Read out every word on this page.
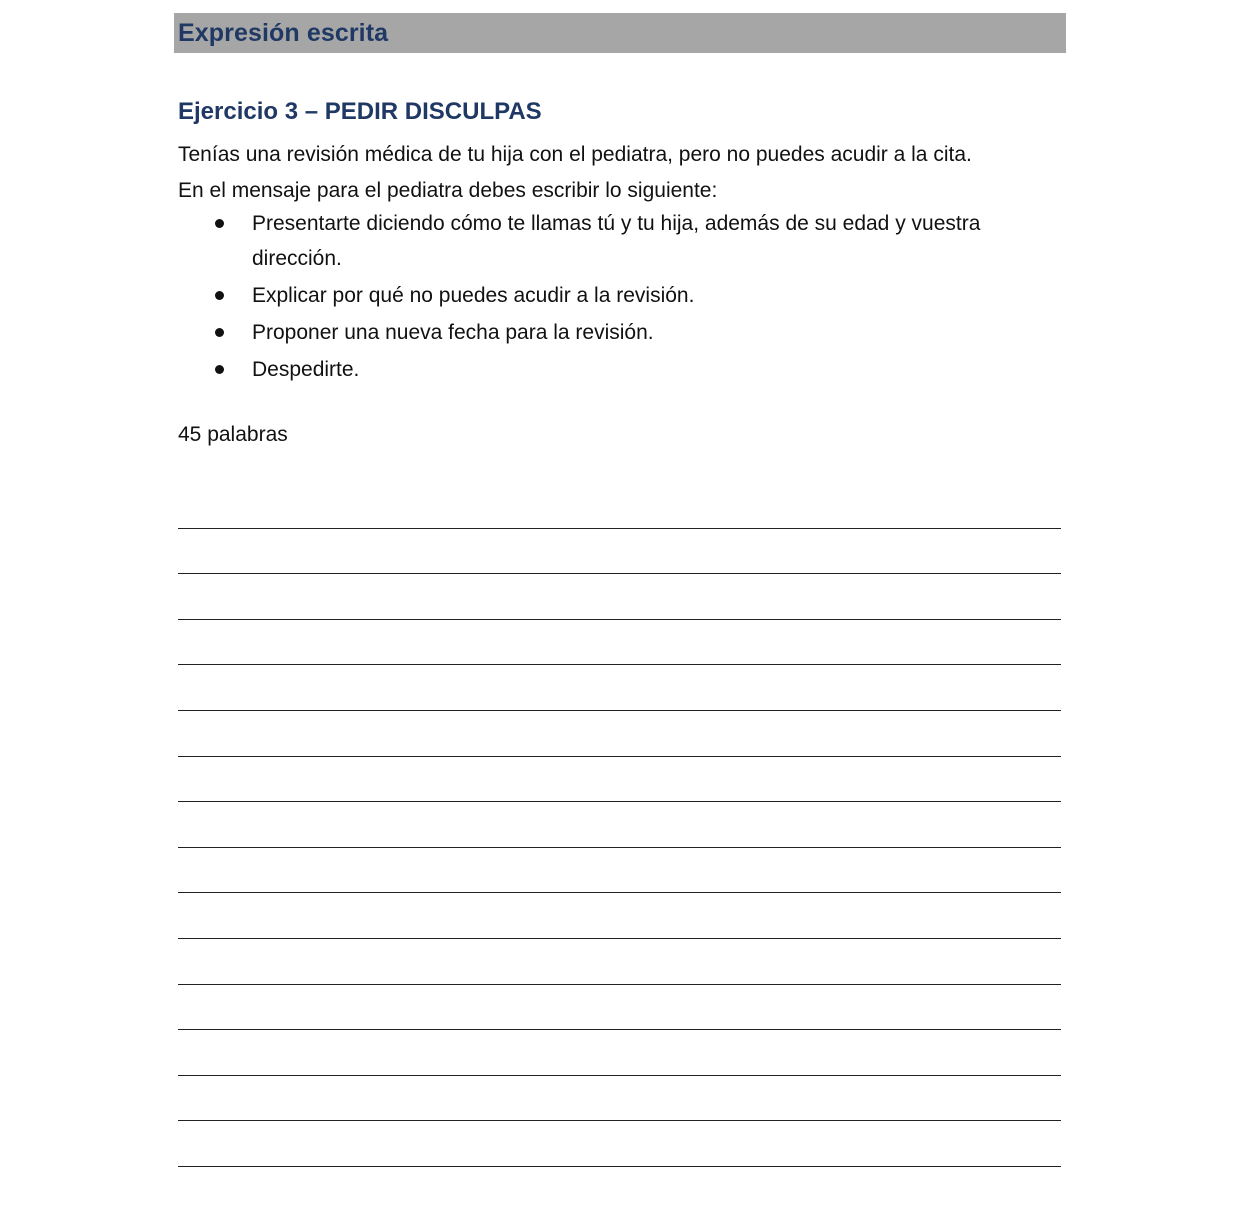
Expresión escrita
Ejercicio 3 – PEDIR DISCULPAS

Tenías una revisión médica de tu hija con el pediatra, pero no puedes acudir a la cita.

En el mensaje para el pediatra debes escribir lo siguiente:

Presentarte diciendo cómo te llamas tú y tu hija, además de su edad y vuestra dirección.
Explicar por qué no puedes acudir a la revisión.
Proponer una nueva fecha para la revisión.
Despedirte.
45 palabras
